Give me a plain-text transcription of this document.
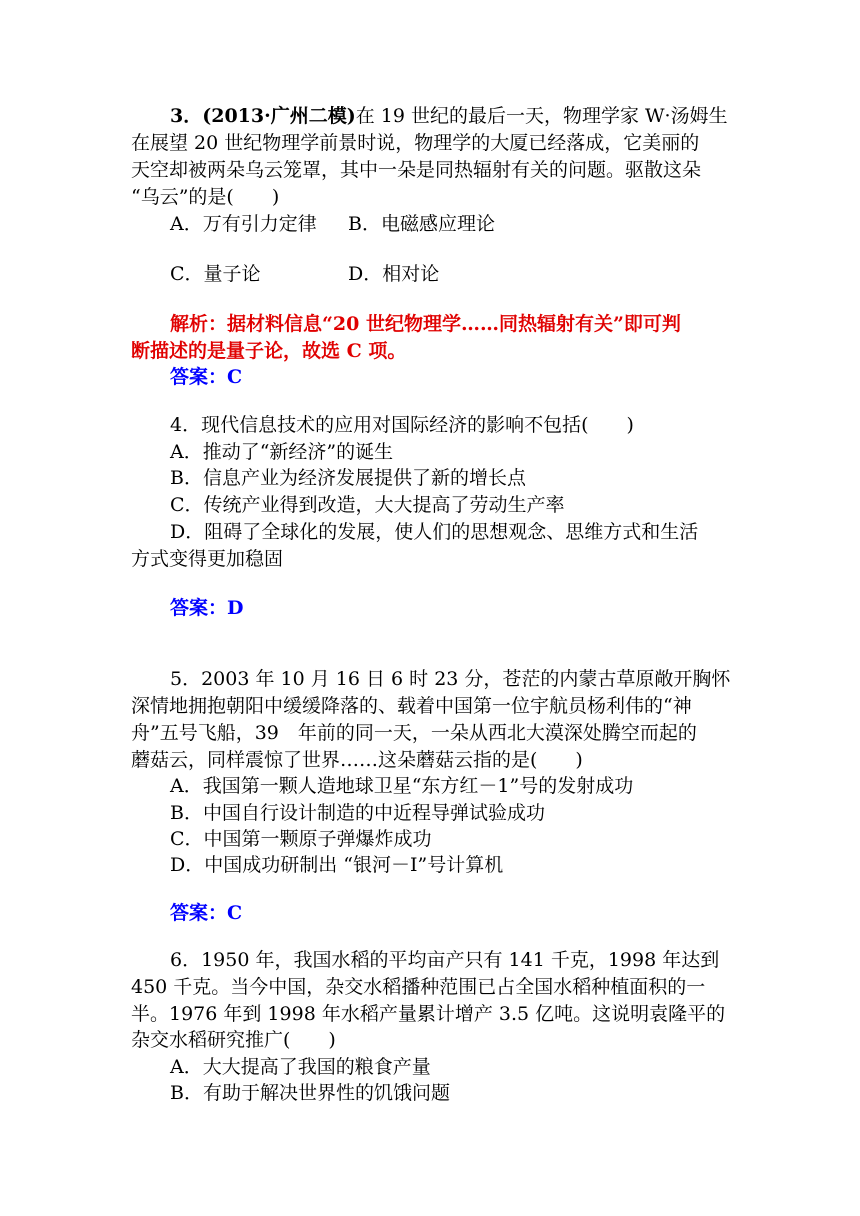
3．(2013·广州二模)在 19 世纪的最后一天，物理学家 W·汤姆生
在展望 20 世纪物理学前景时说，物理学的大厦已经落成，它美丽的
天空却被两朵乌云笼罩，其中一朵是同热辐射有关的问题。驱散这朵
“乌云”的是(　　)
A．万有引力定律 B．电磁感应理论
C．量子论	D．相对论
解析：据材料信息“20 世纪物理学……同热辐射有关”即可判
断描述的是量子论，故选 C 项。
答案：C
4．现代信息技术的应用对国际经济的影响不包括(　　)
A．推动了“新经济”的诞生
B．信息产业为经济发展提供了新的增长点
C．传统产业得到改造，大大提高了劳动生产率
D．阻碍了全球化的发展，使人们的思想观念、思维方式和生活
方式变得更加稳固
答案：D
5．2003 年 10 月 16 日 6 时 23 分，苍茫的内蒙古草原敞开胸怀
深情地拥抱朝阳中缓缓降落的、载着中国第一位宇航员杨利伟的“神
舟”五号飞船，39　年前的同一天，一朵从西北大漠深处腾空而起的
蘑菇云，同样震惊了世界……这朵蘑菇云指的是(　　)
A．我国第一颗人造地球卫星“东方红－1”号的发射成功
B．中国自行设计制造的中近程导弹试验成功
C．中国第一颗原子弹爆炸成功
D．中国成功研制出 “银河－I”号计算机
答案：C
6．1950 年，我国水稻的平均亩产只有 141 千克，1998 年达到
450 千克。当今中国，杂交水稻播种范围已占全国水稻种植面积的一
半。1976 年到 1998 年水稻产量累计增产 3.5 亿吨。这说明袁隆平的
杂交水稻研究推广(　　)
A．大大提高了我国的粮食产量
B．有助于解决世界性的饥饿问题
